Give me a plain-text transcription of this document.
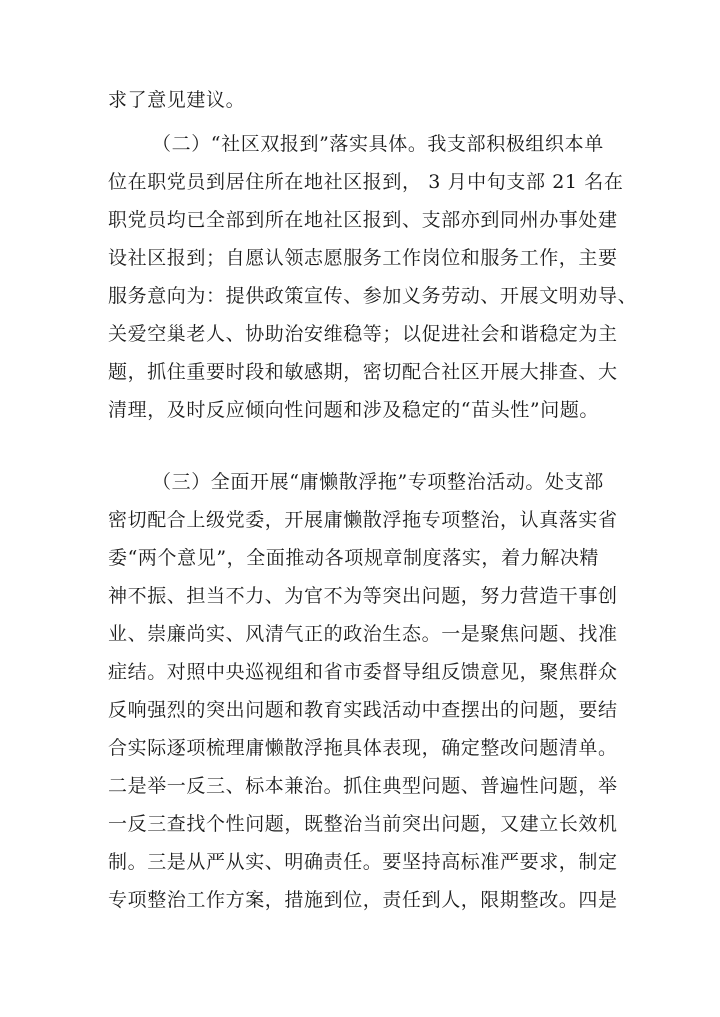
求了意见建议。
（二）“社区双报到”落实具体。我支部积极组织本单
位在职党员到居住所在地社区报到， 3 月中旬支部 21 名在
职党员均已全部到所在地社区报到、支部亦到同州办事处建
设社区报到；自愿认领志愿服务工作岗位和服务工作，主要
服务意向为：提供政策宣传、参加义务劳动、开展文明劝导、
关爱空巢老人、协助治安维稳等；以促进社会和谐稳定为主
题，抓住重要时段和敏感期，密切配合社区开展大排查、大
清理，及时反应倾向性问题和涉及稳定的“苗头性”问题。
（三）全面开展“庸懒散浮拖”专项整治活动。处支部
密切配合上级党委，开展庸懒散浮拖专项整治，认真落实省
委“两个意见”，全面推动各项规章制度落实，着力解决精
神不振、担当不力、为官不为等突出问题，努力营造干事创
业、崇廉尚实、风清气正的政治生态。一是聚焦问题、找准
症结。对照中央巡视组和省市委督导组反馈意见，聚焦群众
反响强烈的突出问题和教育实践活动中查摆出的问题，要结
合实际逐项梳理庸懒散浮拖具体表现，确定整改问题清单。
二是举一反三、标本兼治。抓住典型问题、普遍性问题，举
一反三查找个性问题，既整治当前突出问题，又建立长效机
制。三是从严从实、明确责任。要坚持高标准严要求，制定
专项整治工作方案，措施到位，责任到人，限期整改。四是
